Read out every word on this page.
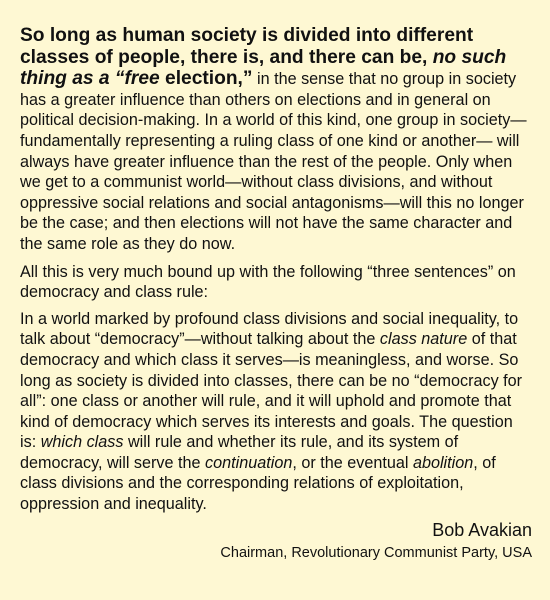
So long as human society is divided into different classes of people, there is, and there can be, no such thing as a “free election,” in the sense that no group in society has a greater influence than others on elections and in general on political decision-making. In a world of this kind, one group in society—fundamentally representing a ruling class of one kind or another— will always have greater influence than the rest of the people. Only when we get to a communist world—without class divisions, and without oppressive social relations and social antagonisms—will this no longer be the case; and then elections will not have the same character and the same role as they do now.

All this is very much bound up with the following “three sentences” on democracy and class rule:

In a world marked by profound class divisions and social inequality, to talk about “democracy”—without talking about the class nature of that democracy and which class it serves—is meaningless, and worse. So long as society is divided into classes, there can be no “democracy for all”: one class or another will rule, and it will uphold and promote that kind of democracy which serves its interests and goals. The question is: which class will rule and whether its rule, and its system of democracy, will serve the continuation, or the eventual abolition, of class divisions and the corresponding relations of exploitation, oppression and inequality.

Bob Avakian
Chairman, Revolutionary Communist Party, USA
